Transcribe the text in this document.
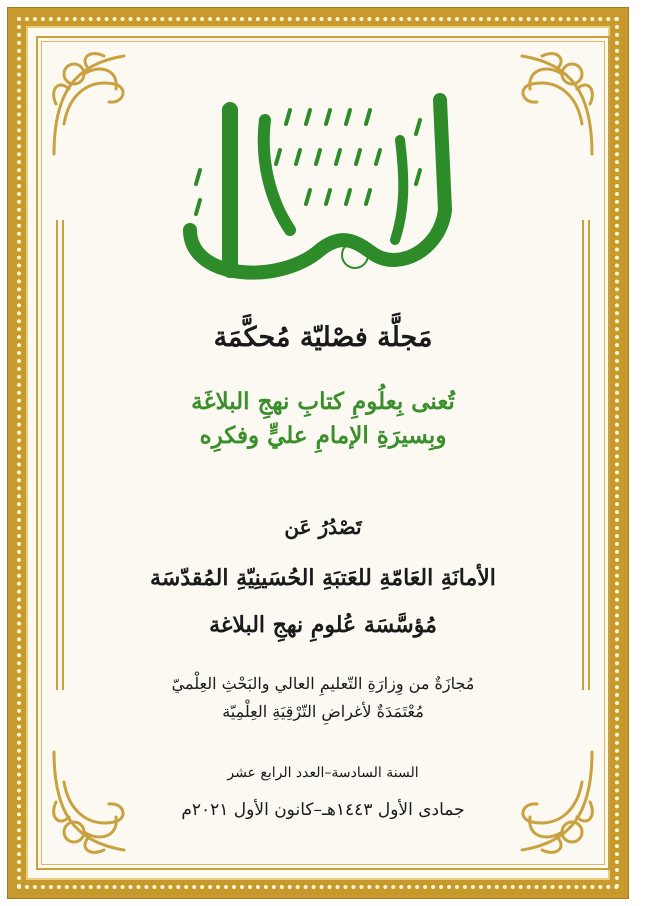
مَجلَّة فصْليّة مُحكَّمَة
تُعنى بِعلُومِ كتابِ نهجِ البلاغَة
وبِسيرَةِ الإمامِ عليٍّ وفكرِه
تَصْدُرُ عَن
الأمانَةِ العَامّةِ للعَتبَةِ الحُسَينِيّةِ المُقدّسَة
مُؤسَّسَة عُلومِ نهجِ البلاغة
مُجازَةٌ من وِزارَةِ التّعليمِ العالي والبَحْثِ العِلْميّ
مُعْتَمَدَةٌ لأغراضِ التّرْقِيَةِ العِلْمِيّة
السنة السادسة–العدد الرابع عشر
جمادى الأول ١٤٤٣هـ–كانون الأول ٢٠٢١م
